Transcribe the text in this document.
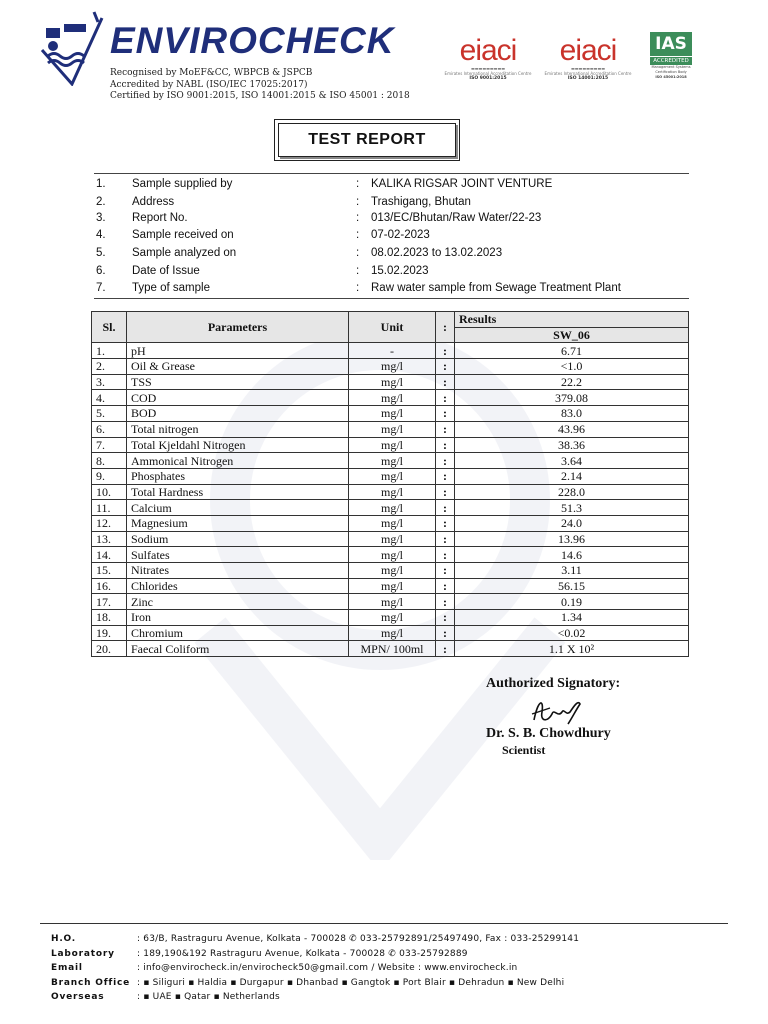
ENVIROCHECK
Recognised by MoEF&CC, WBPCB & JSPCB
Accredited by NABL (ISO/IEC 17025:2017)
Certified by ISO 9001:2015, ISO 14001:2015 & ISO 45001 : 2018
eiaci
▬▬▬▬▬▬▬▬▬
Emirates International Accreditation Centre
ISO 9001:2015
eiaci
▬▬▬▬▬▬▬▬▬
Emirates International Accreditation Centre
ISO 14001:2015
IAS
ACCREDITED
Management Systems
Certification Body
ISO 45001:2018
TEST REPORT
1. Sample supplied by	: KALIKA RIGSAR JOINT VENTURE
2. Address	: Trashigang, Bhutan
3. Report No.	: 013/EC/Bhutan/Raw Water/22-23
4. Sample received on	: 07-02-2023
5. Sample analyzed on	: 08.02.2023 to 13.02.2023
6. Date of Issue	: 15.02.2023
7. Type of sample	: Raw water sample from Sewage Treatment Plant
Sl.	Parameters	Unit	:	Results
				SW_06
1.	pH	-	:	6.71
2.	Oil & Grease	mg/l	:	<1.0
3.	TSS	mg/l	:	22.2
4.	COD	mg/l	:	379.08
5.	BOD	mg/l	:	83.0
6.	Total nitrogen	mg/l	:	43.96
7.	Total Kjeldahl Nitrogen	mg/l	:	38.36
8.	Ammonical Nitrogen	mg/l	:	3.64
9.	Phosphates	mg/l	:	2.14
10.	Total Hardness	mg/l	:	228.0
11.	Calcium	mg/l	:	51.3
12.	Magnesium	mg/l	:	24.0
13.	Sodium	mg/l	:	13.96
14.	Sulfates	mg/l	:	14.6
15.	Nitrates	mg/l	:	3.11
16.	Chlorides	mg/l	:	56.15
17.	Zinc	mg/l	:	0.19
18.	Iron	mg/l	:	1.34
19.	Chromium	mg/l	:	<0.02
20.	Faecal Coliform	MPN/ 100ml	:	1.1 X 10²
Authorized Signatory:
Dr. S. B. Chowdhury
Scientist
H.O.	: 63/B, Rastraguru Avenue, Kolkata - 700028 ✆ 033-25792891/25497490, Fax : 033-25299141
Laboratory : 189,190&192 Rastraguru Avenue, Kolkata - 700028 ✆ 033-25792889
Email	: info@envirocheck.in/envirocheck50@gmail.com / Website : www.envirocheck.in
Branch Office : ▪ Siliguri ▪ Haldia ▪ Durgapur ▪ Dhanbad ▪ Gangtok ▪ Port Blair ▪ Dehradun ▪ New Delhi
Overseas	: ▪ UAE ▪ Qatar ▪ Netherlands
